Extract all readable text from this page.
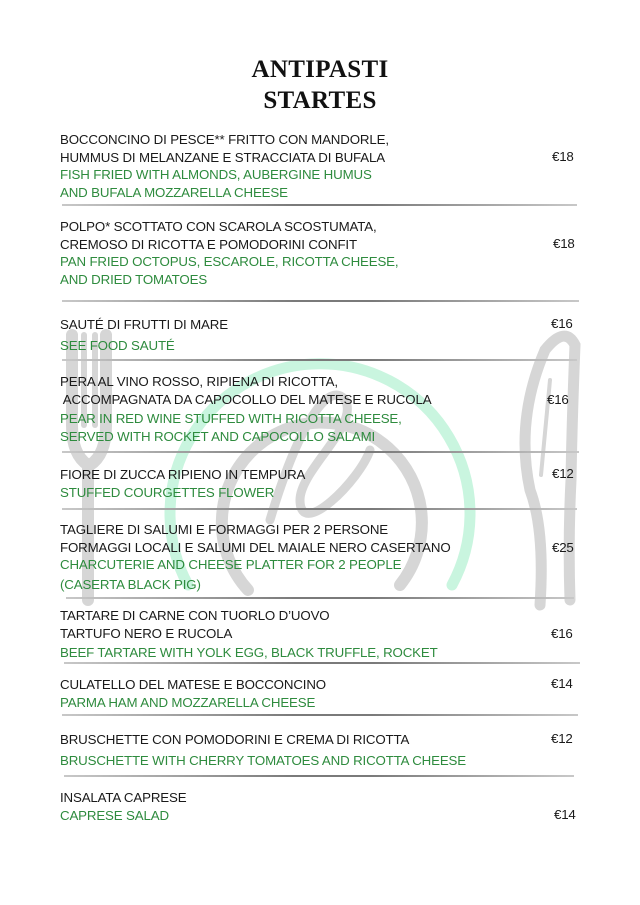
ANTIPASTI
STARTES
BOCCONCINO DI PESCE** FRITTO CON MANDORLE,
HUMMUS DI MELANZANE E STRACCIATA DI BUFALA
FISH FRIED WITH ALMONDS, AUBERGINE HUMUS
AND BUFALA MOZZARELLA CHEESE
€18
POLPO* SCOTTATO CON SCAROLA SCOSTUMATA,
CREMOSO DI RICOTTA E POMODORINI CONFIT
PAN FRIED OCTOPUS, ESCAROLE, RICOTTA CHEESE,
AND DRIED TOMATOES
€18
SAUTÉ DI FRUTTI DI MARE
SEE FOOD SAUTÉ
€16
PERA AL VINO ROSSO, RIPIENA DI RICOTTA,
ACCOMPAGNATA DA CAPOCOLLO DEL MATESE E RUCOLA
PEAR IN RED WINE STUFFED WITH RICOTTA CHEESE,
SERVED WITH ROCKET AND CAPOCOLLO SALAMI
€16
FIORE DI ZUCCA RIPIENO IN TEMPURA
STUFFED COURGETTES FLOWER
€12
TAGLIERE DI SALUMI E FORMAGGI PER 2 PERSONE
FORMAGGI LOCALI E SALUMI DEL MAIALE NERO CASERTANO
CHARCUTERIE AND CHEESE PLATTER FOR 2 PEOPLE
(CASERTA BLACK PIG)
€25
TARTARE DI CARNE CON TUORLO D’UOVO
TARTUFO NERO E RUCOLA
BEEF TARTARE WITH YOLK EGG, BLACK TRUFFLE, ROCKET
€16
CULATELLO DEL MATESE E BOCCONCINO
PARMA HAM AND MOZZARELLA CHEESE
€14
BRUSCHETTE CON POMODORINI E CREMA DI RICOTTA
BRUSCHETTE WITH CHERRY TOMATOES AND RICOTTA CHEESE
€12
INSALATA CAPRESE
CAPRESE SALAD	€14
